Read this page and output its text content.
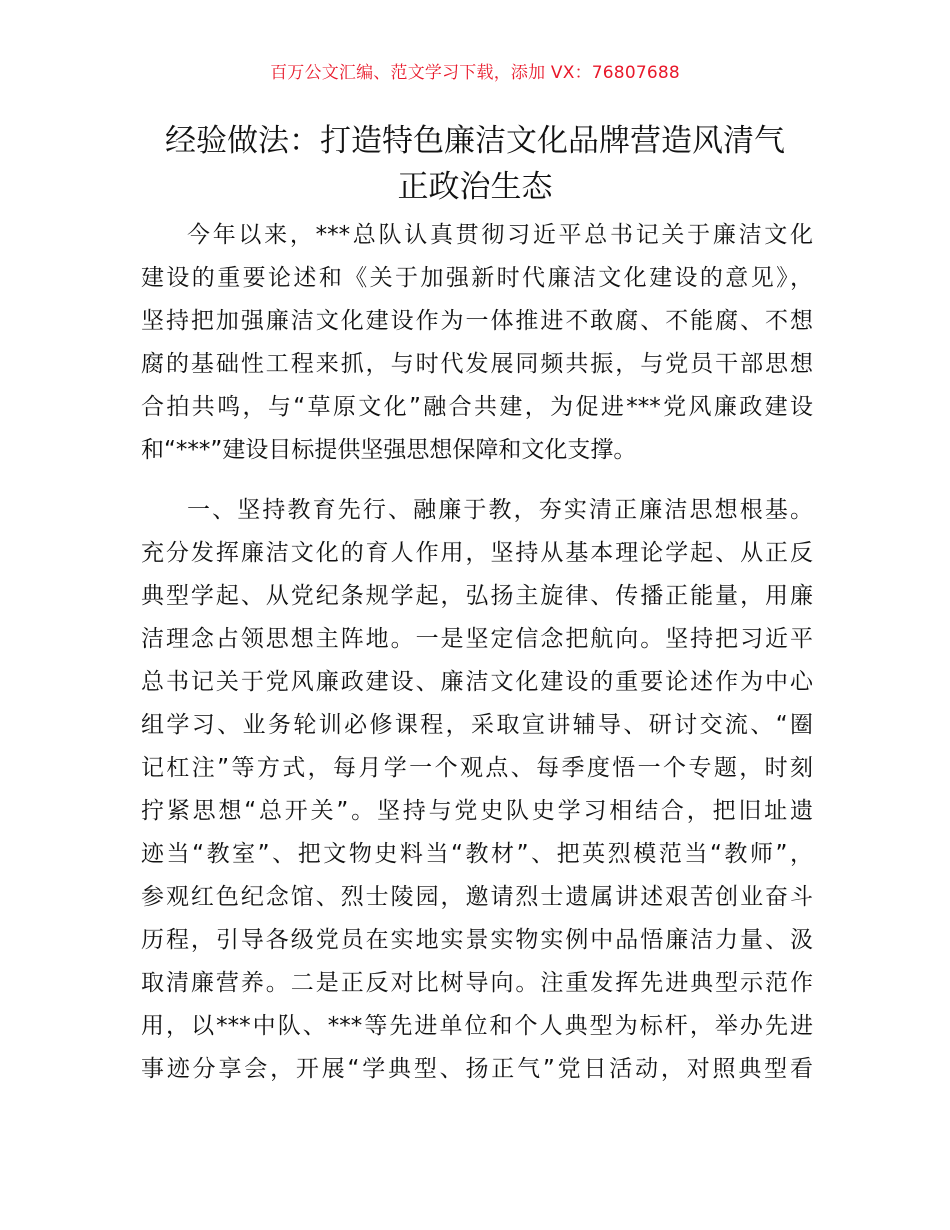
百万公文汇编、范文学习下载，添加 VX：76807688
经验做法：打造特色廉洁文化品牌营造风清气
正政治生态
今年以来，***总队认真贯彻习近平总书记关于廉洁文化
建设的重要论述和《关于加强新时代廉洁文化建设的意见》，
坚持把加强廉洁文化建设作为一体推进不敢腐、不能腐、不想
腐的基础性工程来抓，与时代发展同频共振，与党员干部思想
合拍共鸣，与“草原文化”融合共建，为促进***党风廉政建设
和“***”建设目标提供坚强思想保障和文化支撑。
一、坚持教育先行、融廉于教，夯实清正廉洁思想根基。
充分发挥廉洁文化的育人作用，坚持从基本理论学起、从正反
典型学起、从党纪条规学起，弘扬主旋律、传播正能量，用廉
洁理念占领思想主阵地。一是坚定信念把航向。坚持把习近平
总书记关于党风廉政建设、廉洁文化建设的重要论述作为中心
组学习、业务轮训必修课程，采取宣讲辅导、研讨交流、“圈
记杠注”等方式，每月学一个观点、每季度悟一个专题，时刻
拧紧思想“总开关”。坚持与党史队史学习相结合，把旧址遗
迹当“教室”、把文物史料当“教材”、把英烈模范当“教师”，
参观红色纪念馆、烈士陵园，邀请烈士遗属讲述艰苦创业奋斗
历程，引导各级党员在实地实景实物实例中品悟廉洁力量、汲
取清廉营养。二是正反对比树导向。注重发挥先进典型示范作
用，以***中队、***等先进单位和个人典型为标杆，举办先进
事迹分享会，开展“学典型、扬正气”党日活动，对照典型看
